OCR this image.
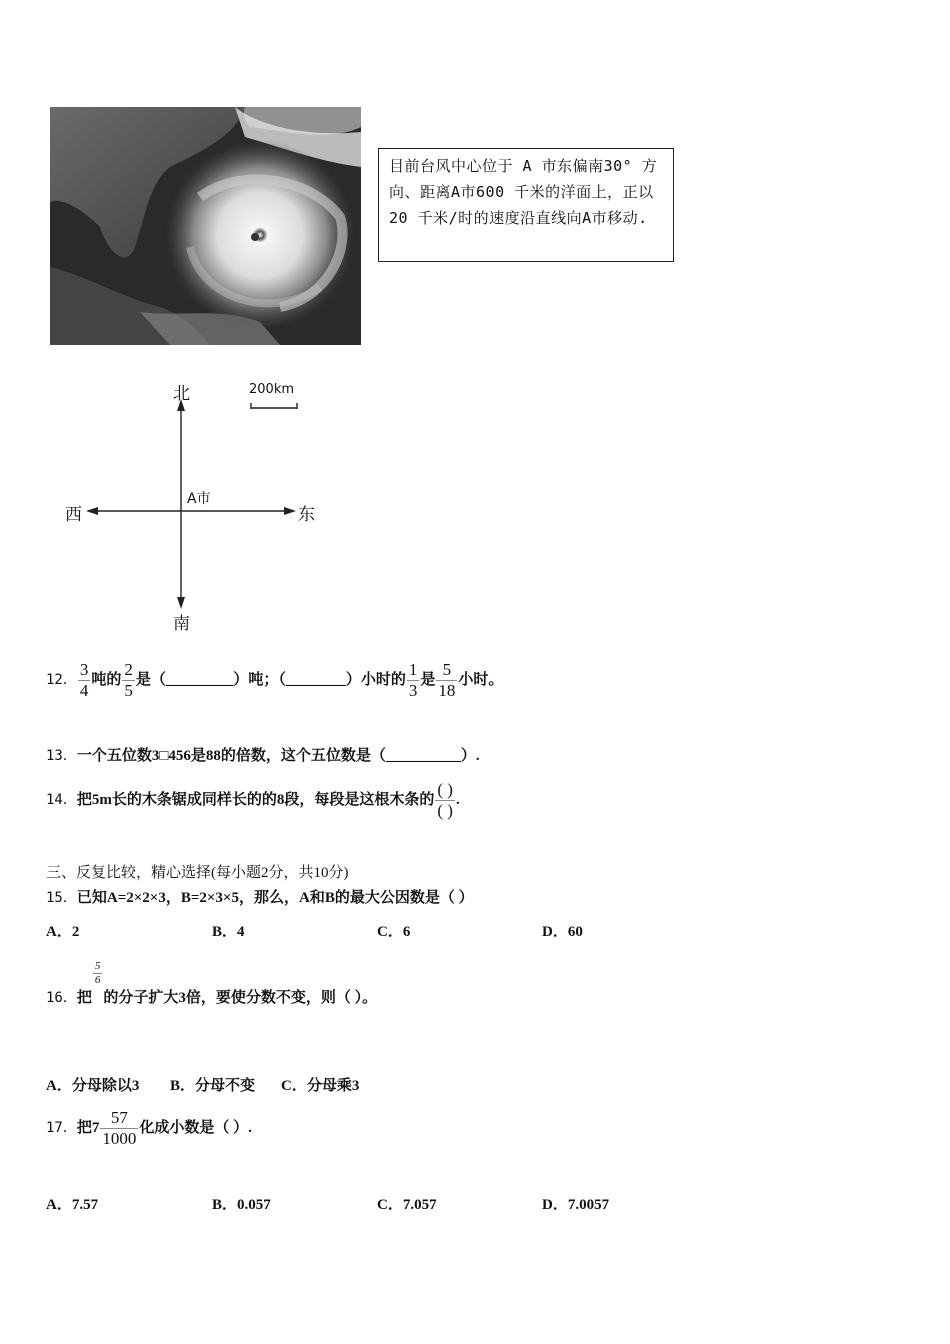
目前台风中心位于 A 市东偏南30° 方向、距离A市600 千米的洋面上，正以 20 千米/时的速度沿直线向A市移动.
北
南
东
西
A市
200km
12． $\frac{3}{4}$ 吨的 $\frac{2}{5}$ 是（_________）吨；（________）小时的 $\frac{1}{3}$ 是 $\frac{5}{18}$ 小时。
13．一个五位数3□456是88的倍数，这个五位数是（__________）.
14．把5m长的木条锯成同样长的的8段，每段是这根木条的 $\frac{( )}{( )}$ .
三、反复比较，精心选择(每小题2分，共10分)
15．已知A=2×2×3，B=2×3×5，那么，A和B的最大公因数是（ ）
A．2	B．4	C．6	D．60
16．把
$\frac{5}{6}$
的分子扩大3倍，要使分数不变，则（ ）。
A．分母除以3 B．分母不变 C．分母乘3
17．把$7 \frac{57}{1000}$ 化成小数是（ ）.
A．7.57	B．0.057	C．7.057	D．7.0057
